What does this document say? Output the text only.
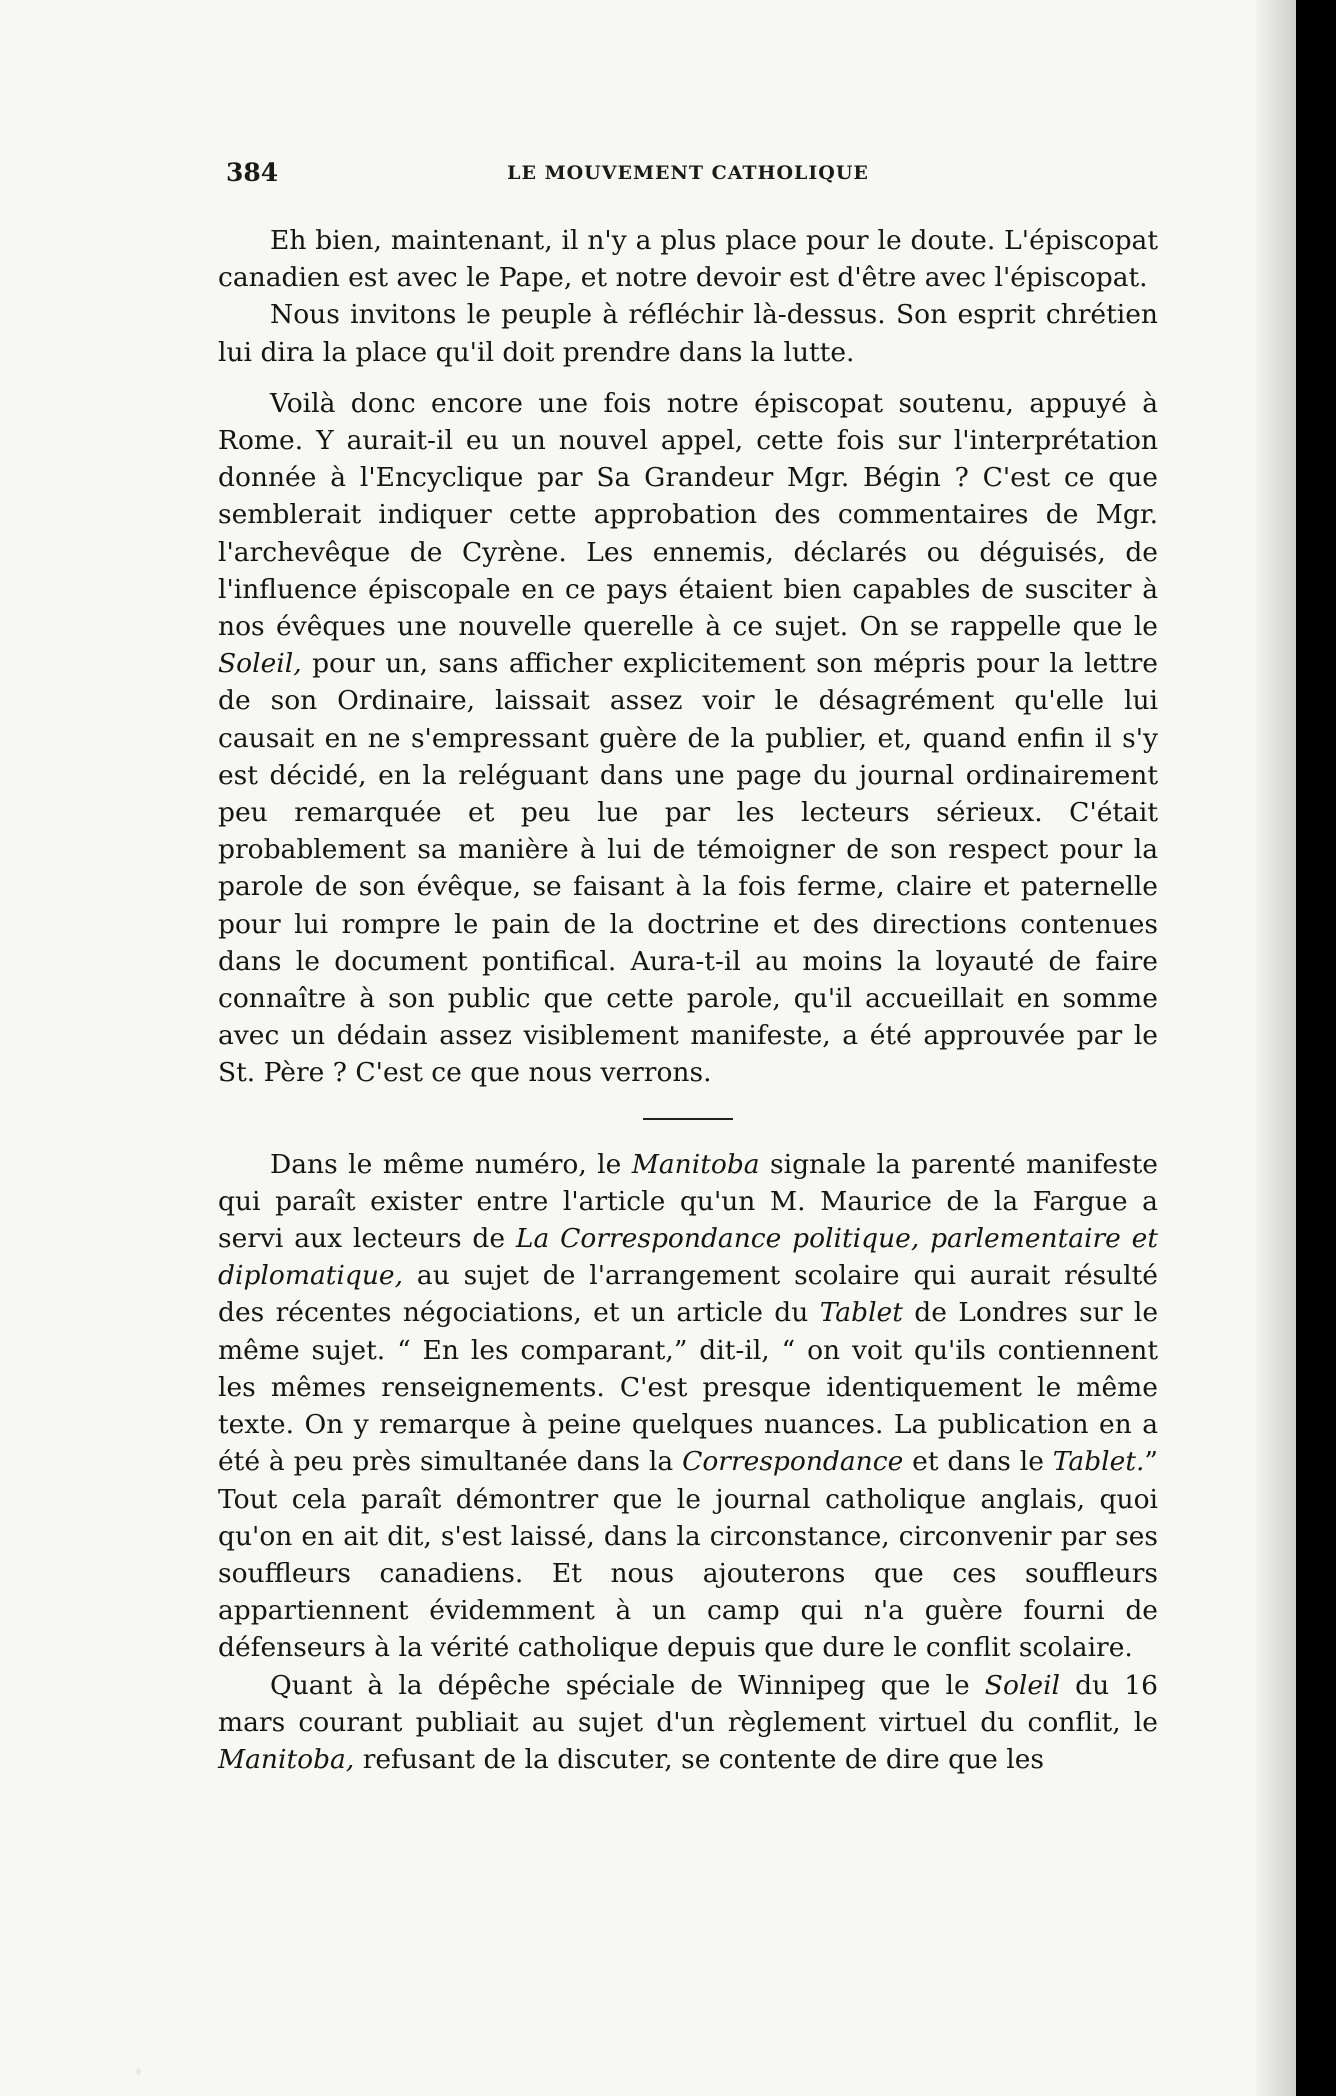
384	LE MOUVEMENT CATHOLIQUE

Eh bien, maintenant, il n'y a plus place pour le doute. L'épiscopat canadien est avec le Pape, et notre devoir est d'être avec l'épiscopat.

Nous invitons le peuple à réfléchir là-dessus. Son esprit chrétien lui dira la place qu'il doit prendre dans la lutte.

Voilà donc encore une fois notre épiscopat soutenu, appuyé à Rome. Y aurait-il eu un nouvel appel, cette fois sur l'interprétation donnée à l'Encyclique par Sa Grandeur Mgr. Bégin ? C'est ce que semblerait indiquer cette approbation des commentaires de Mgr. l'archevêque de Cyrène. Les ennemis, déclarés ou déguisés, de l'influence épiscopale en ce pays étaient bien capables de susciter à nos évêques une nouvelle querelle à ce sujet. On se rappelle que le Soleil, pour un, sans afficher explicitement son mépris pour la lettre de son Ordinaire, laissait assez voir le désagrément qu'elle lui causait en ne s'empressant guère de la publier, et, quand enfin il s'y est décidé, en la reléguant dans une page du journal ordinairement peu remarquée et peu lue par les lecteurs sérieux. C'était probablement sa manière à lui de témoigner de son respect pour la parole de son évêque, se faisant à la fois ferme, claire et paternelle pour lui rompre le pain de la doctrine et des directions contenues dans le document pontifical. Aura-t-il au moins la loyauté de faire connaître à son public que cette parole, qu'il accueillait en somme avec un dédain assez visiblement manifeste, a été approuvée par le St. Père ? C'est ce que nous verrons.

Dans le même numéro, le Manitoba signale la parenté manifeste qui paraît exister entre l'article qu'un M. Maurice de la Fargue a servi aux lecteurs de La Correspondance politique, parlementaire et diplomatique, au sujet de l'arrangement scolaire qui aurait résulté des récentes négociations, et un article du Tablet de Londres sur le même sujet. “ En les comparant,” dit-il, “ on voit qu'ils contiennent les mêmes renseignements. C'est presque identiquement le même texte. On y remarque à peine quelques nuances. La publication en a été à peu près simultanée dans la Correspondance et dans le Tablet.” Tout cela paraît démontrer que le journal catholique anglais, quoi qu'on en ait dit, s'est laissé, dans la circonstance, circonvenir par ses souffleurs canadiens. Et nous ajouterons que ces souffleurs appartiennent évidemment à un camp qui n'a guère fourni de défenseurs à la vérité catholique depuis que dure le conflit scolaire.

Quant à la dépêche spéciale de Winnipeg que le Soleil du 16 mars courant publiait au sujet d'un règlement virtuel du conflit, le Manitoba, refusant de la discuter, se contente de dire que les
